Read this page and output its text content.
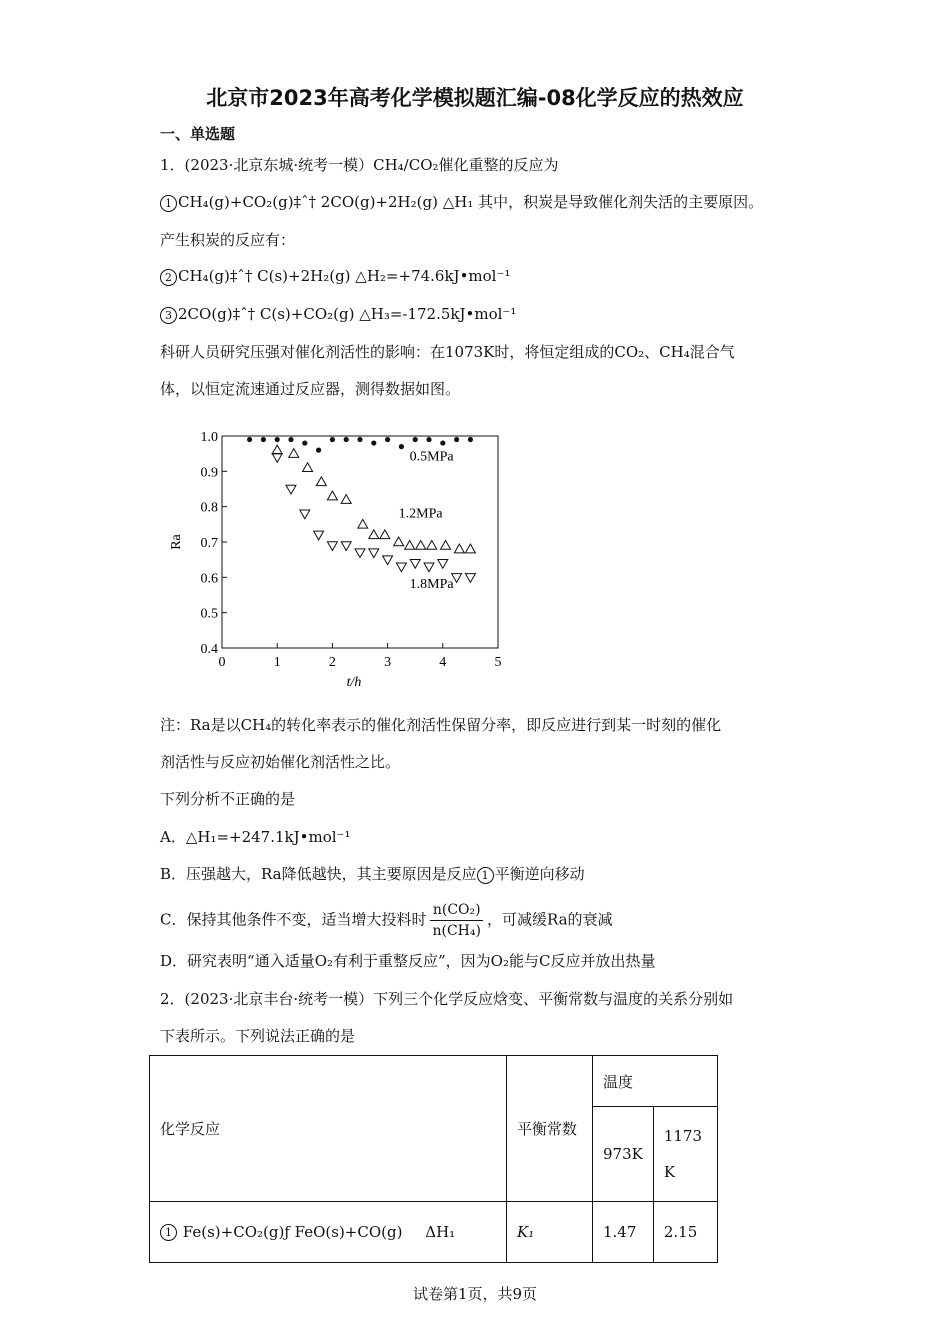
北京市2023年高考化学模拟题汇编-08化学反应的热效应
一、单选题
1．(2023·北京东城·统考一模）CH₄/CO₂催化重整的反应为
1 CH₄(g)+CO₂(g)‡ˆ† 2CO(g)+2H₂(g) △H₁ 其中，积炭是导致催化剂失活的主要原因。
产生积炭的反应有：
2 CH₄(g)‡ˆ† C(s)+2H₂(g) △H₂=+74.6kJ•mol⁻¹
3 2CO(g)‡ˆ† C(s)+CO₂(g) △H₃=-172.5kJ•mol⁻¹
科研人员研究压强对催化剂活性的影响：在1073K时，将恒定组成的CO₂、CH₄混合气
体，以恒定流速通过反应器，测得数据如图。
0.4
0.5
0.6
0.7
0.8
0.9
1.0
0	1	2	3	4	5
t/h
Ra
0.5MPa
1.2MPa
1.8MPa
注：Ra是以CH₄的转化率表示的催化剂活性保留分率，即反应进行到某一时刻的催化
剂活性与反应初始催化剂活性之比。
下列分析不正确的是
A．△H₁=+247.1kJ•mol⁻¹
B．压强越大，Ra降低越快，其主要原因是反应 1 平衡逆向移动
C．保持其他条件不变，适当增大投料时 $\frac{\text{n(CO₂)}}{\text{n(CH₄)}}$ ，可减缓Ra的衰减
D．研究表明“通入适量O₂有利于重整反应”，因为O₂能与C反应并放出热量
2．(2023·北京丰台·统考一模）下列三个化学反应焓变、平衡常数与温度的关系分别如
下表所示。下列说法正确的是
化学反应	平衡常数	温度	
		973K	1173
K
1 Fe(s)+CO₂(g)ƒ FeO(s)+CO(g) ΔH₁	K₁	1.47	2.15
试卷第1页，共9页
